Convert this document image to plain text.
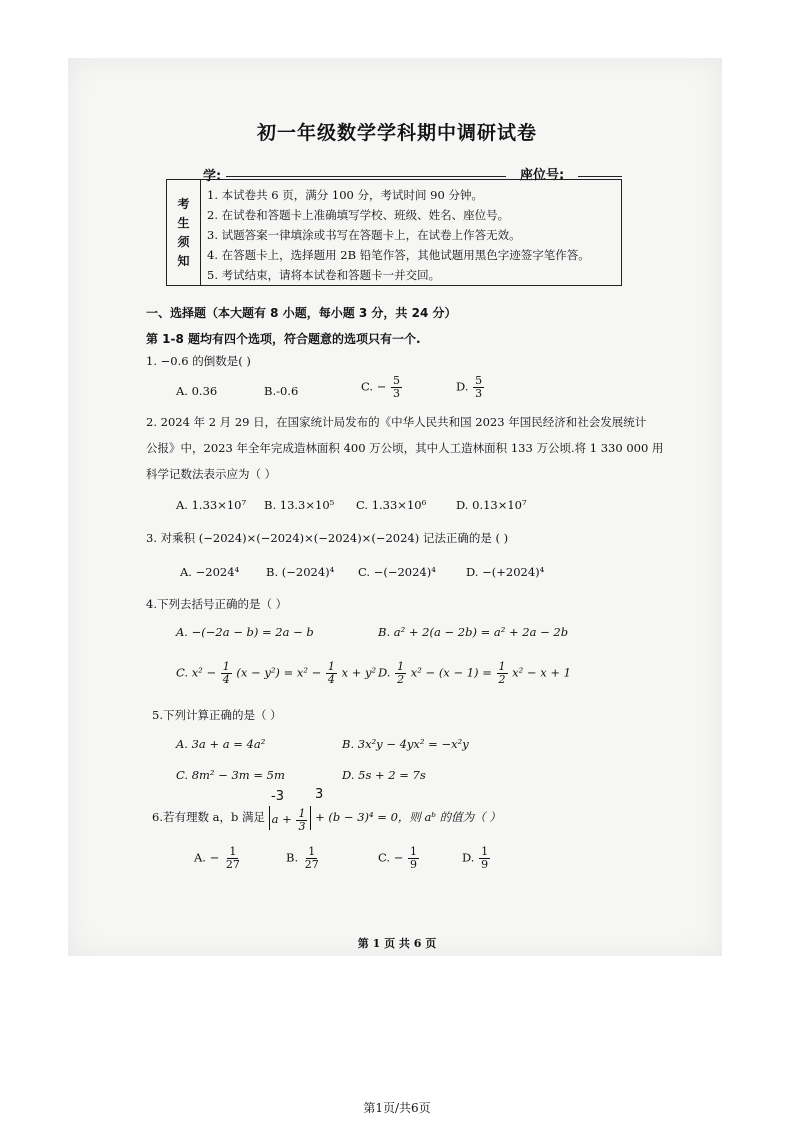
初一年级数学学科期中调研试卷
学:	座位号:
考
生
须
知
1. 本试卷共 6 页，满分 100 分，考试时间 90 分钟。
2. 在试卷和答题卡上准确填写学校、班级、姓名、座位号。
3. 试题答案一律填涂或书写在答题卡上，在试卷上作答无效。
4. 在答题卡上，选择题用 2B 铅笔作答，其他试题用黑色字迹签字笔作答。
5. 考试结束，请将本试卷和答题卡一并交回。
一、选择题（本大题有 8 小题，每小题 3 分，共 24 分）
第 1-8 题均有四个选项，符合题意的选项只有一个.
1. −0.6 的倒数是( )
A. 0.36	B.-0.6	C. − $\frac{5}{3}$	D. $\frac{5}{3}$
2. 2024 年 2 月 29 日，在国家统计局发布的《中华人民共和国 2023 年国民经济和社会发展统计
公报》中，2023 年全年完成造林面积 400 万公顷，其中人工造林面积 133 万公顷.将 1 330 000 用
科学记数法表示应为（ ）
A. 1.33×10⁷ B. 13.3×10⁵ C. 1.33×10⁶	D. 0.13×10⁷
3. 对乘积 (−2024)×(−2024)×(−2024)×(−2024) 记法正确的是 ( )
A. −2024⁴ B. (−2024)⁴ C. −(−2024)⁴	D. −(+2024)⁴
4.下列去括号正确的是（ ）
A. −(−2a − b) = 2a − b	B. a² + 2(a − 2b) = a² + 2a − 2b
C. $x^2 - \frac{1}{4} (x - y^2) = x^2 - \frac{1}{4}$ x + y² D. $\frac{1}{2} x^2 - (x - 1) = \frac{1}{2} x^2 - x + 1$
5.下列计算正确的是（ ）
A. 3a + a = 4a²	B. 3x²y − 4yx² = −x²y
C. 8m² − 3m = 5m	D. 5s + 2 = 7s
-3 3
6.若有理数 a，b 满足 $a + \frac{1}{3} + (b - 3)^4 = 0$，则 aᵇ 的值为（ ）
A. − $\frac{1}{27}$	B. $\frac{1}{27}$	C. − $\frac{1}{9}$	D. $\frac{1}{9}$
第 1 页 共 6 页
第1页/共6页
